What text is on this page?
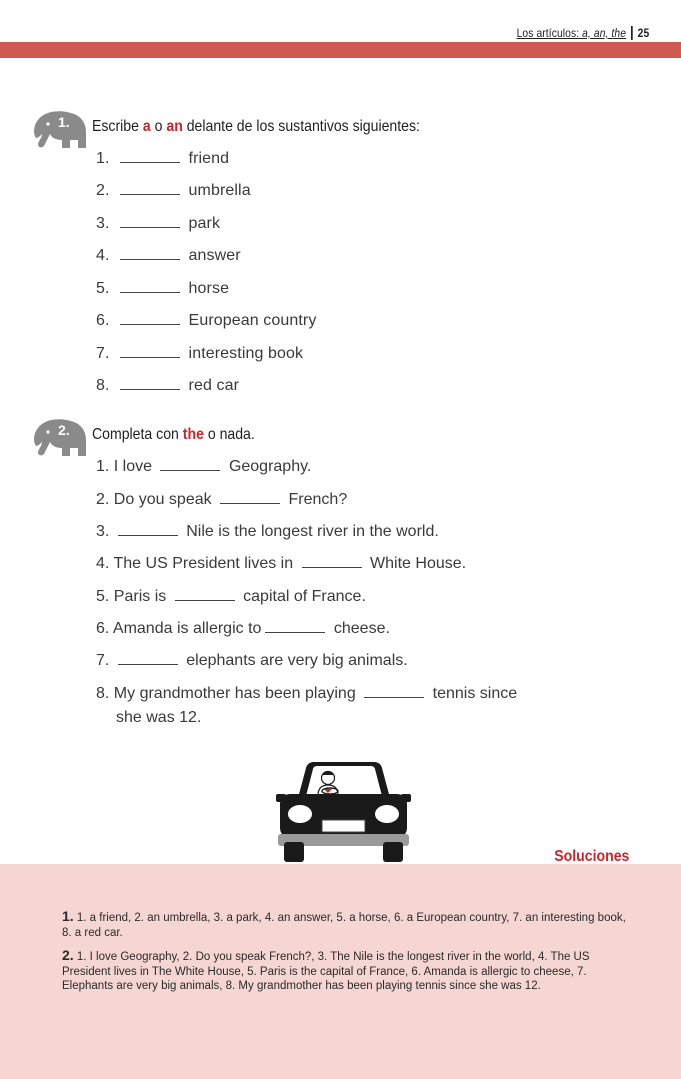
Los artículos: a, an, the 25
1. Escribe a o an delante de los sustantivos siguientes:
1.	friend
2.	umbrella
3.	park
4.	answer
5.	horse
6.	European country
7.	interesting book
8.	red car
2. Completa con the o nada.
1. I love	Geography.
2. Do you speak	French?
3.	Nile is the longest river in the world.
4. The US President lives in	White House.
5. Paris is	capital of France.
6. Amanda is allergic to	cheese.
7.	elephants are very big animals.
8. My grandmother has been playing	tennis since
she was 12.
Soluciones
1. 1. a friend, 2. an umbrella, 3. a park, 4. an answer, 5. a horse, 6. a European country, 7. an interesting book, 8. a red car.
2. 1. I love Geography, 2. Do you speak French?, 3. The Nile is the longest river in the world, 4. The US President lives in The White House, 5. Paris is the capital of France, 6. Amanda is allergic to cheese, 7. Elephants are very big animals, 8. My grandmother has been playing tennis since she was 12.
